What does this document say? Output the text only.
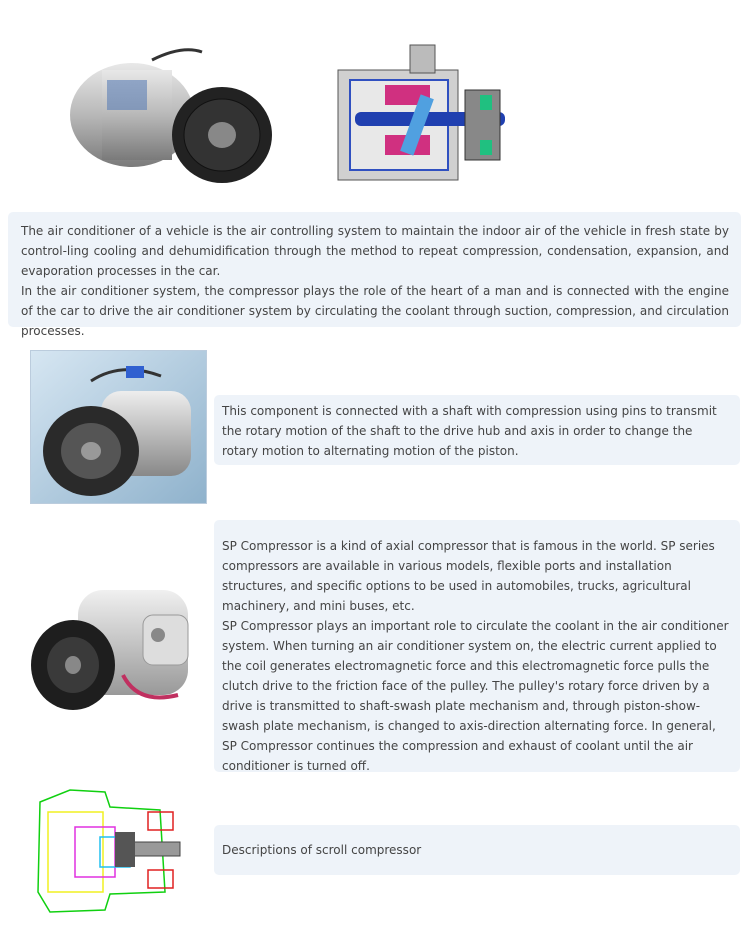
The air conditioner of a vehicle is the air controlling system to maintain the indoor air of the vehicle in fresh state by control-ling cooling and dehumidification through the method to repeat compression, condensation, expansion, and evaporation processes in the car.

In the air conditioner system, the compressor plays the role of the heart of a man and is connected with the engine of the car to drive the air conditioner system by circulating the coolant through suction, compression, and circulation processes.

This component is connected with a shaft with compression using pins to transmit the rotary motion of the shaft to the drive hub and axis in order to change the rotary motion to alternating motion of the piston.

SP Compressor is a kind of axial compressor that is famous in the world. SP series compressors are available in various models, flexible ports and installation structures, and specific options to be used in automobiles, trucks, agricultural machinery, and mini buses, etc.

SP Compressor plays an important role to circulate the coolant in the air conditioner system. When turning an air conditioner system on, the electric current applied to the coil generates electromagnetic force and this electromagnetic force pulls the clutch drive to the friction face of the pulley. The pulley's rotary force driven by a drive is transmitted to shaft-swash plate mechanism and, through piston-show-swash plate mechanism, is changed to axis-direction alternating force. In general, SP Compressor continues the compression and exhaust of coolant until the air conditioner is turned off.

Descriptions of scroll compressor
